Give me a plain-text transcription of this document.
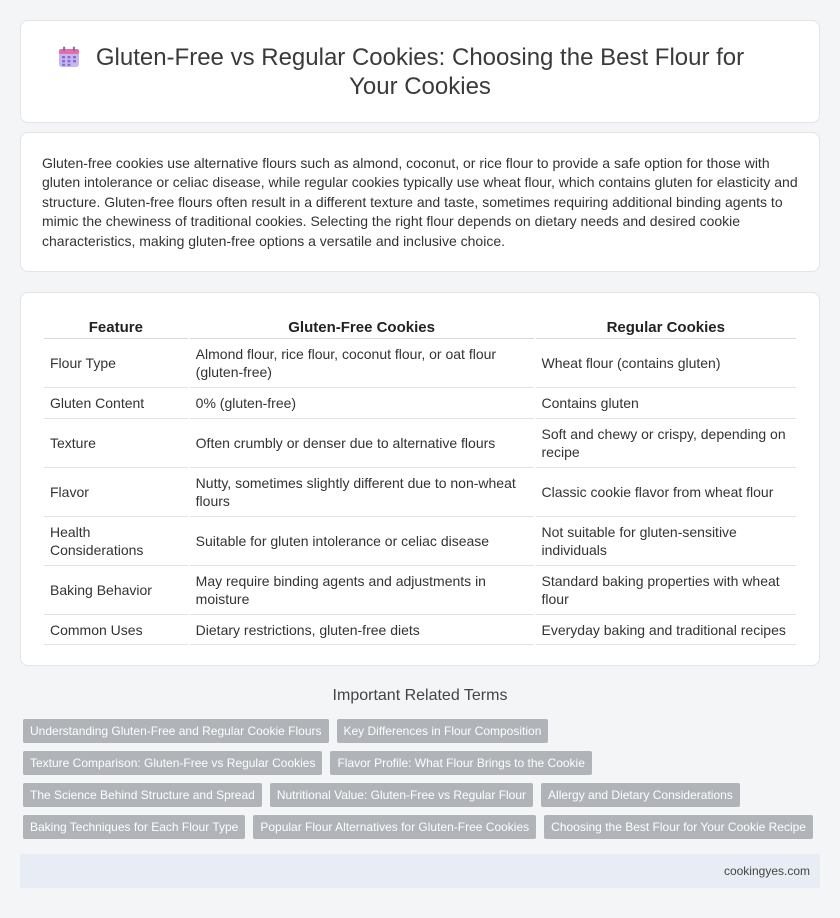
Gluten-Free vs Regular Cookies: Choosing the Best Flour for Your Cookies

Gluten-free cookies use alternative flours such as almond, coconut, or rice flour to provide a safe option for those with gluten intolerance or celiac disease, while regular cookies typically use wheat flour, which contains gluten for elasticity and structure. Gluten-free flours often result in a different texture and taste, sometimes requiring additional binding agents to mimic the chewiness of traditional cookies. Selecting the right flour depends on dietary needs and desired cookie characteristics, making gluten-free options a versatile and inclusive choice.

Feature	Gluten-Free Cookies	Regular Cookies
Flour Type	Almond flour, rice flour, coconut flour, or oat flour (gluten-free)	Wheat flour (contains gluten)
Gluten Content	0% (gluten-free)	Contains gluten
Texture	Often crumbly or denser due to alternative flours	Soft and chewy or crispy, depending on recipe
Flavor	Nutty, sometimes slightly different due to non-wheat flours	Classic cookie flavor from wheat flour
Health Considerations	Suitable for gluten intolerance or celiac disease	Not suitable for gluten-sensitive individuals
Baking Behavior	May require binding agents and adjustments in moisture	Standard baking properties with wheat flour
Common Uses	Dietary restrictions, gluten-free diets	Everyday baking and traditional recipes
Important Related Terms
Understanding Gluten-Free and Regular Cookie Flours	Key Differences in Flour Composition
Texture Comparison: Gluten-Free vs Regular Cookies	Flavor Profile: What Flour Brings to the Cookie
The Science Behind Structure and Spread	Nutritional Value: Gluten-Free vs Regular Flour	Allergy and Dietary Considerations
Baking Techniques for Each Flour Type	Popular Flour Alternatives for Gluten-Free Cookies	Choosing the Best Flour for Your Cookie Recipe
cookingyes.com
